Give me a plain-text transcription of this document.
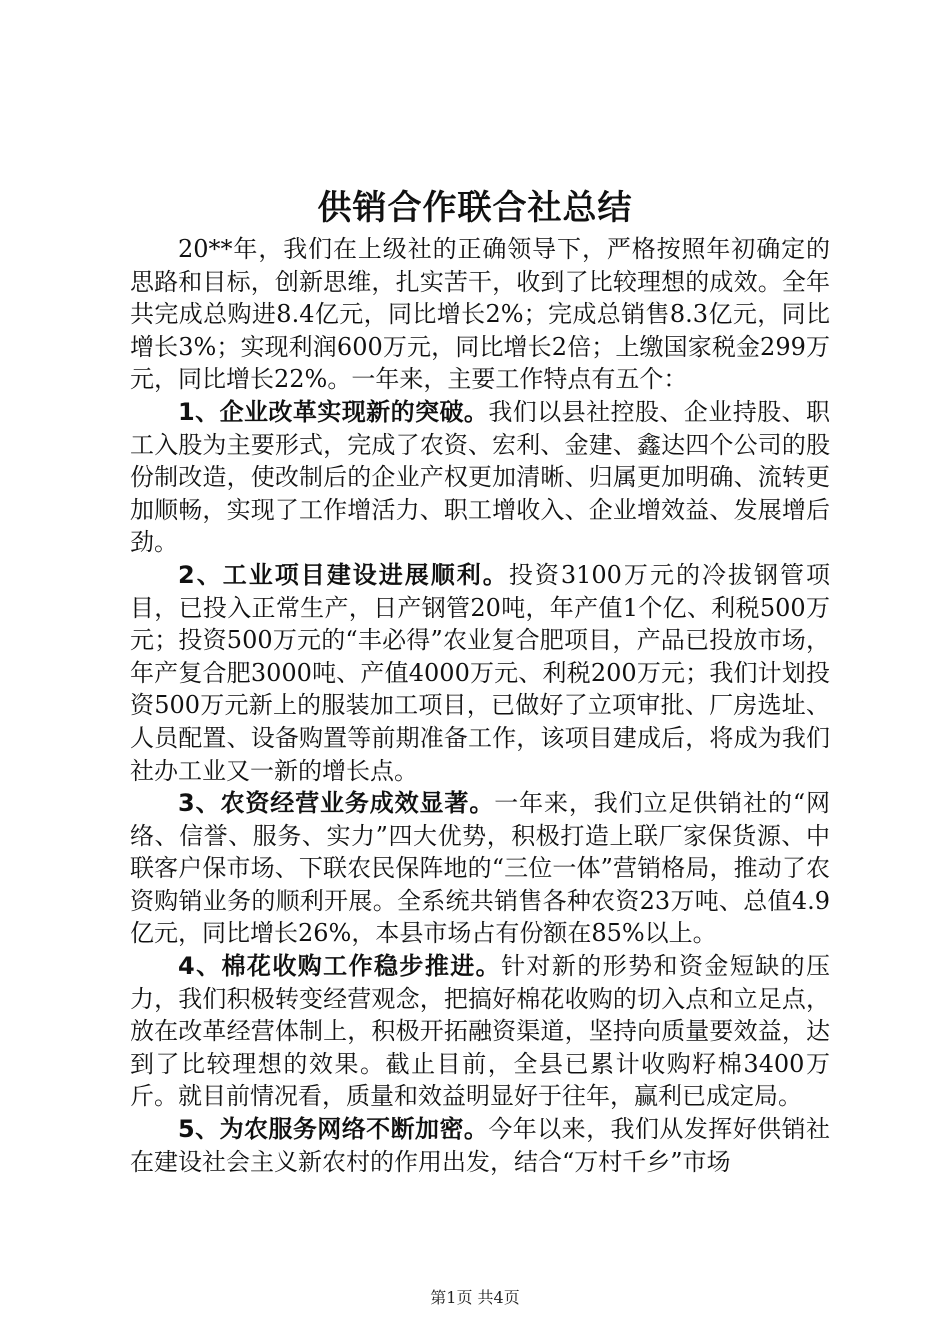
供销合作联合社总结

20**年，我们在上级社的正确领导下，严格按照年初确定的思路和目标，创新思维，扎实苦干，收到了比较理想的成效。全年共完成总购进8.4亿元，同比增长2%；完成总销售8.3亿元，同比增长3%；实现利润600万元，同比增长2倍；上缴国家税金299万元，同比增长22%。一年来，主要工作特点有五个：

1、企业改革实现新的突破。我们以县社控股、企业持股、职工入股为主要形式，完成了农资、宏利、金建、鑫达四个公司的股份制改造，使改制后的企业产权更加清晰、归属更加明确、流转更加顺畅，实现了工作增活力、职工增收入、企业增效益、发展增后劲。

2、工业项目建设进展顺利。投资3100万元的冷拔钢管项目，已投入正常生产，日产钢管20吨，年产值1个亿、利税500万元；投资500万元的“丰必得”农业复合肥项目，产品已投放市场，年产复合肥3000吨、产值4000万元、利税200万元；我们计划投资500万元新上的服装加工项目，已做好了立项审批、厂房选址、人员配置、设备购置等前期准备工作，该项目建成后，将成为我们社办工业又一新的增长点。

3、农资经营业务成效显著。一年来，我们立足供销社的“网络、信誉、服务、实力”四大优势，积极打造上联厂家保货源、中联客户保市场、下联农民保阵地的“三位一体”营销格局，推动了农资购销业务的顺利开展。全系统共销售各种农资23万吨、总值4.9亿元，同比增长26%，本县市场占有份额在85%以上。

4、棉花收购工作稳步推进。针对新的形势和资金短缺的压力，我们积极转变经营观念，把搞好棉花收购的切入点和立足点，放在改革经营体制上，积极开拓融资渠道，坚持向质量要效益，达到了比较理想的效果。截止目前，全县已累计收购籽棉3400万斤。就目前情况看，质量和效益明显好于往年，赢利已成定局。

5、为农服务网络不断加密。今年以来，我们从发挥好供销社在建设社会主义新农村的作用出发，结合“万村千乡”市场

第1页 共4页
